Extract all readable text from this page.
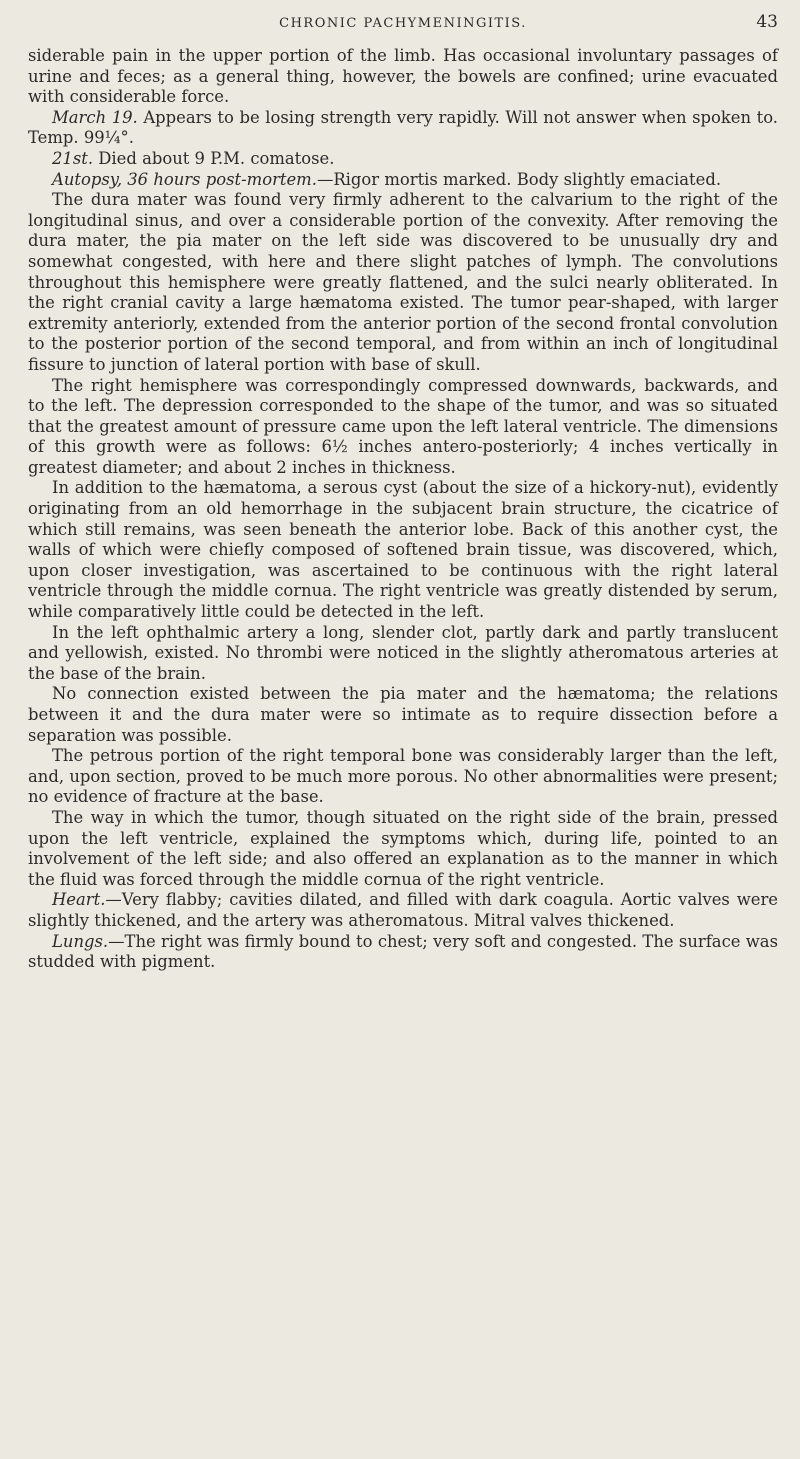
CHRONIC PACHYMENINGITIS.	43

siderable pain in the upper portion of the limb. Has occasional involuntary passages of urine and feces; as a general thing, however, the bowels are confined; urine evacuated with considerable force.

March 19. Appears to be losing strength very rapidly. Will not answer when spoken to. Temp. 99¼°.

21st. Died about 9 P.M. comatose.

Autopsy, 36 hours post-mortem.—Rigor mortis marked. Body slightly emaciated.

The dura mater was found very firmly adherent to the calvarium to the right of the longitudinal sinus, and over a considerable portion of the convexity. After removing the dura mater, the pia mater on the left side was discovered to be unusually dry and somewhat congested, with here and there slight patches of lymph. The convolutions throughout this hemisphere were greatly flattened, and the sulci nearly obliterated. In the right cranial cavity a large hæmatoma existed. The tumor pear-shaped, with larger extremity anteriorly, extended from the anterior portion of the second frontal convolution to the posterior portion of the second temporal, and from within an inch of longitudinal fissure to junction of lateral portion with base of skull.

The right hemisphere was correspondingly compressed downwards, backwards, and to the left. The depression corresponded to the shape of the tumor, and was so situated that the greatest amount of pressure came upon the left lateral ventricle. The dimensions of this growth were as follows: 6½ inches antero-posteriorly; 4 inches vertically in greatest diameter; and about 2 inches in thickness.

In addition to the hæmatoma, a serous cyst (about the size of a hickory-nut), evidently originating from an old hemorrhage in the subjacent brain structure, the cicatrice of which still remains, was seen beneath the anterior lobe. Back of this another cyst, the walls of which were chiefly composed of softened brain tissue, was discovered, which, upon closer investigation, was ascertained to be continuous with the right lateral ventricle through the middle cornua. The right ventricle was greatly distended by serum, while comparatively little could be detected in the left.

In the left ophthalmic artery a long, slender clot, partly dark and partly translucent and yellowish, existed. No thrombi were noticed in the slightly atheromatous arteries at the base of the brain.

No connection existed between the pia mater and the hæmatoma; the relations between it and the dura mater were so intimate as to require dissection before a separation was possible.

The petrous portion of the right temporal bone was considerably larger than the left, and, upon section, proved to be much more porous. No other abnormalities were present; no evidence of fracture at the base.

The way in which the tumor, though situated on the right side of the brain, pressed upon the left ventricle, explained the symptoms which, during life, pointed to an involvement of the left side; and also offered an explanation as to the manner in which the fluid was forced through the middle cornua of the right ventricle.

Heart.—Very flabby; cavities dilated, and filled with dark coagula. Aortic valves were slightly thickened, and the artery was atheromatous. Mitral valves thickened.

Lungs.—The right was firmly bound to chest; very soft and congested. The surface was studded with pigment.
